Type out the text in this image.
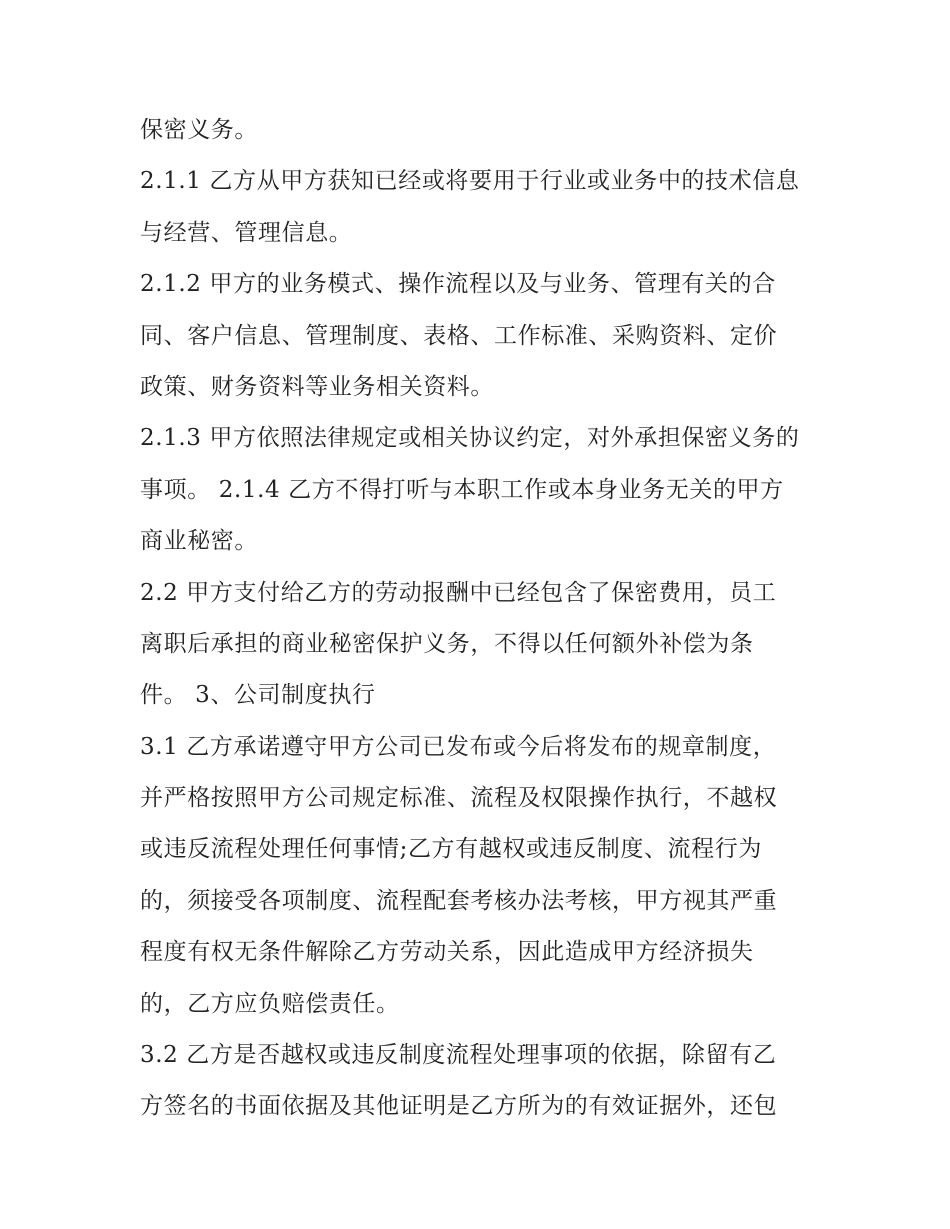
保密义务。
2.1.1 乙方从甲方获知已经或将要用于行业或业务中的技术信息
与经营、管理信息。
2.1.2 甲方的业务模式、操作流程以及与业务、管理有关的合
同、客户信息、管理制度、表格、工作标准、采购资料、定价
政策、财务资料等业务相关资料。
2.1.3 甲方依照法律规定或相关协议约定，对外承担保密义务的
事项。 2.1.4 乙方不得打听与本职工作或本身业务无关的甲方
商业秘密。
2.2 甲方支付给乙方的劳动报酬中已经包含了保密费用，员工
离职后承担的商业秘密保护义务，不得以任何额外补偿为条
件。 3、公司制度执行
3.1 乙方承诺遵守甲方公司已发布或今后将发布的规章制度，
并严格按照甲方公司规定标准、流程及权限操作执行，不越权
或违反流程处理任何事情;乙方有越权或违反制度、流程行为
的，须接受各项制度、流程配套考核办法考核，甲方视其严重
程度有权无条件解除乙方劳动关系，因此造成甲方经济损失
的，乙方应负赔偿责任。
3.2 乙方是否越权或违反制度流程处理事项的依据，除留有乙
方签名的书面依据及其他证明是乙方所为的有效证据外，还包
